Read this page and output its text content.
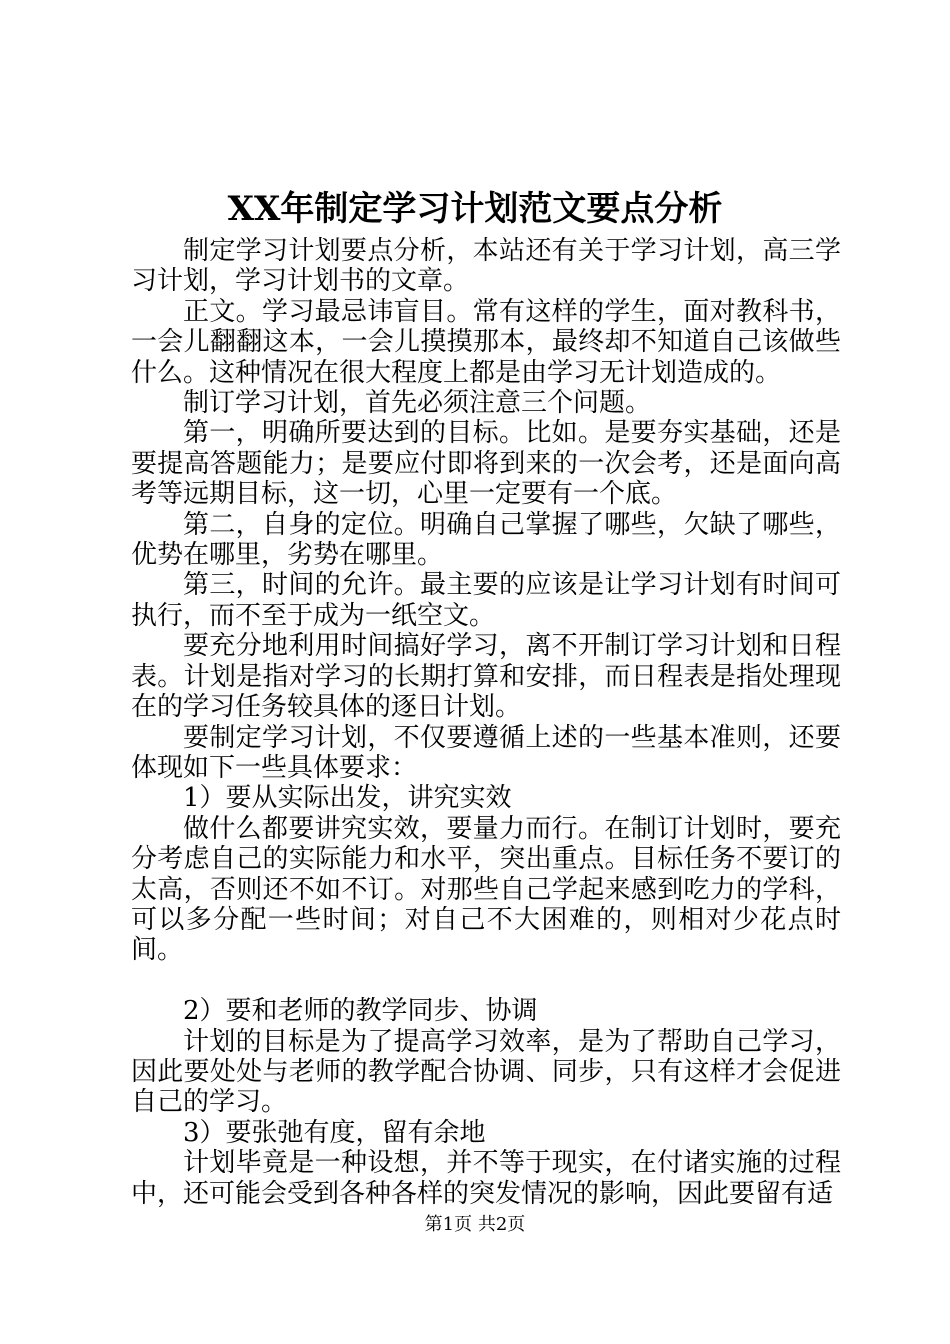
XX年制定学习计划范文要点分析

制定学习计划要点分析，本站还有关于学习计划，高三学习计划，学习计划书的文章。

正文。学习最忌讳盲目。常有这样的学生，面对教科书，一会儿翻翻这本，一会儿摸摸那本，最终却不知道自己该做些什么。这种情况在很大程度上都是由学习无计划造成的。

制订学习计划，首先必须注意三个问题。

第一，明确所要达到的目标。比如。是要夯实基础，还是要提高答题能力；是要应付即将到来的一次会考，还是面向高考等远期目标，这一切，心里一定要有一个底。

第二，自身的定位。明确自己掌握了哪些，欠缺了哪些，优势在哪里，劣势在哪里。

第三，时间的允许。最主要的应该是让学习计划有时间可执行，而不至于成为一纸空文。

要充分地利用时间搞好学习，离不开制订学习计划和日程表。计划是指对学习的长期打算和安排，而日程表是指处理现在的学习任务较具体的逐日计划。

要制定学习计划，不仅要遵循上述的一些基本准则，还要体现如下一些具体要求：

1）要从实际出发，讲究实效

做什么都要讲究实效，要量力而行。在制订计划时，要充分考虑自己的实际能力和水平，突出重点。目标任务不要订的太高，否则还不如不订。对那些自己学起来感到吃力的学科，可以多分配一些时间；对自己不大困难的，则相对少花点时间。

2）要和老师的教学同步、协调

计划的目标是为了提高学习效率，是为了帮助自己学习，因此要处处与老师的教学配合协调、同步，只有这样才会促进自己的学习。

3）要张弛有度，留有余地

计划毕竟是一种设想，并不等于现实，在付诸实施的过程中，还可能会受到各种各样的突发情况的影响，因此要留有适

第1页 共2页
